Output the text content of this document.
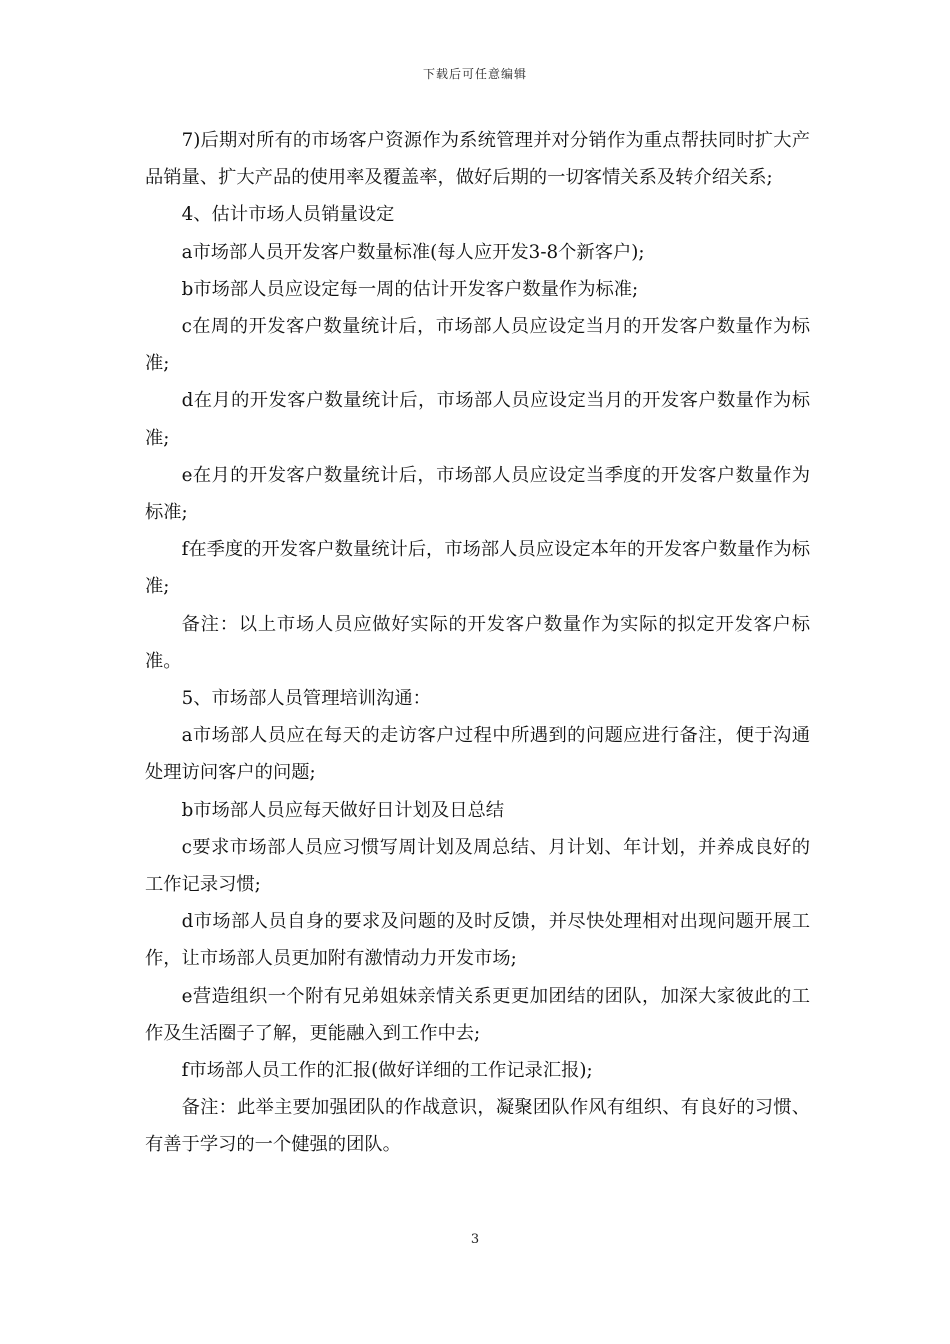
下载后可任意编辑

7)后期对所有的市场客户资源作为系统管理并对分销作为重点帮扶同时扩大产品销量、扩大产品的使用率及覆盖率，做好后期的一切客情关系及转介绍关系;

4、估计市场人员销量设定

a市场部人员开发客户数量标准(每人应开发3-8个新客户);

b市场部人员应设定每一周的估计开发客户数量作为标准;

c在周的开发客户数量统计后，市场部人员应设定当月的开发客户数量作为标准;

d在月的开发客户数量统计后，市场部人员应设定当月的开发客户数量作为标准;

e在月的开发客户数量统计后，市场部人员应设定当季度的开发客户数量作为标准;

f在季度的开发客户数量统计后，市场部人员应设定本年的开发客户数量作为标准;

备注：以上市场人员应做好实际的开发客户数量作为实际的拟定开发客户标准。

5、市场部人员管理培训沟通：

a市场部人员应在每天的走访客户过程中所遇到的问题应进行备注，便于沟通处理访问客户的问题;

b市场部人员应每天做好日计划及日总结

c要求市场部人员应习惯写周计划及周总结、月计划、年计划，并养成良好的工作记录习惯;

d市场部人员自身的要求及问题的及时反馈，并尽快处理相对出现问题开展工作，让市场部人员更加附有激情动力开发市场;

e营造组织一个附有兄弟姐妹亲情关系更更加团结的团队，加深大家彼此的工作及生活圈子了解，更能融入到工作中去;

f市场部人员工作的汇报(做好详细的工作记录汇报);

备注：此举主要加强团队的作战意识，凝聚团队作风有组织、有良好的习惯、有善于学习的一个健强的团队。

3
